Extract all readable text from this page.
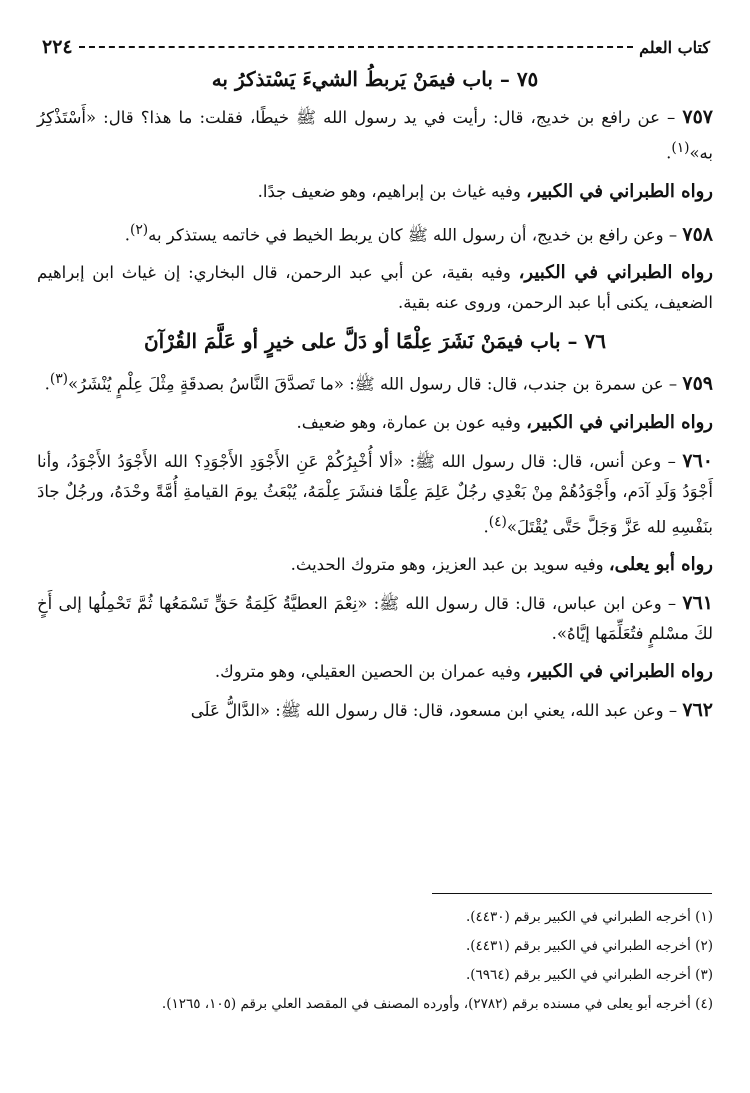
كتاب العلم
٢٢٤
٧٥ – باب فيمَنْ يَربطُ الشيءَ يَسْتذكرُ به

٧٥٧ – عن رافع بن خديج، قال: رأيت في يد رسول الله ﷺ خيطًا، فقلت: ما هذا؟ قال: «أَسْتَذْكِرُ به»$^{(١)}$.

رواه الطبراني في الكبير، وفيه غياث بن إبراهيم، وهو ضعيف جدًا.

٧٥٨ – وعن رافع بن خديج، أن رسول الله ﷺ كان يربط الخيط في خاتمه يستذكر به$^{(٢)}$.

رواه الطبراني في الكبير، وفيه بقية، عن أبي عبد الرحمن، قال البخاري: إن غياث ابن إبراهيم الضعيف، يكنى أبا عبد الرحمن، وروى عنه بقية.

٧٦ – باب فيمَنْ نَشَرَ عِلْمًا أو دَلَّ على خيرٍ أو عَلَّمَ القُرْآنَ

٧٥٩ – عن سمرة بن جندب، قال: قال رسول الله ﷺ: «ما تَصدَّقَ النَّاسُ بصدقَةٍ مِثْلَ عِلْمٍ يُنْشَرُ»$^{(٣)}$.

رواه الطبراني في الكبير، وفيه عون بن عمارة، وهو ضعيف.

٧٦٠ – وعن أنس، قال: قال رسول الله ﷺ: «ألا أُخْبِرُكُمْ عَنِ الأَجْوَدِ الأَجْوَدِ؟ الله الأَجْوَدُ الأَجْوَدُ، وأنا أَجْوَدُ وَلَدِ آدَم، وأَجْوَدُهُمْ مِنْ بَعْدِي رجُلٌ عَلِمَ عِلْمًا فنشَرَ عِلْمَهُ، يُبْعَثُ يومَ القيامةِ أُمَّةً وحْدَهُ، ورجُلٌ جادَ بنَفْسِهِ لله عَزَّ وَجَلَّ حَتَّى يُقْتَلَ»$^{(٤)}$.

رواه أبو يعلى، وفيه سويد بن عبد العزيز، وهو متروك الحديث.

٧٦١ – وعن ابن عباس، قال: قال رسول الله ﷺ: «نِعْمَ العطيَّةُ كَلِمَةُ حَقٍّ تَسْمَعُها ثُمَّ تَحْمِلُها إلى أَخٍ لكَ مسْلمٍ فتُعَلِّمَها إيَّاهُ».

رواه الطبراني في الكبير، وفيه عمران بن الحصين العقيلي، وهو متروك.

٧٦٢ – وعن عبد الله، يعني ابن مسعود، قال: قال رسول الله ﷺ: «الدَّالُّ عَلَى

(١) أخرجه الطبراني في الكبير برقم (٤٤٣٠).

(٢) أخرجه الطبراني في الكبير برقم (٤٤٣١).

(٣) أخرجه الطبراني في الكبير برقم (٦٩٦٤).

(٤) أخرجه أبو يعلى في مسنده برقم (٢٧٨٢)، وأورده المصنف في المقصد العلي برقم (١٠٥، ١٢٦٥).
